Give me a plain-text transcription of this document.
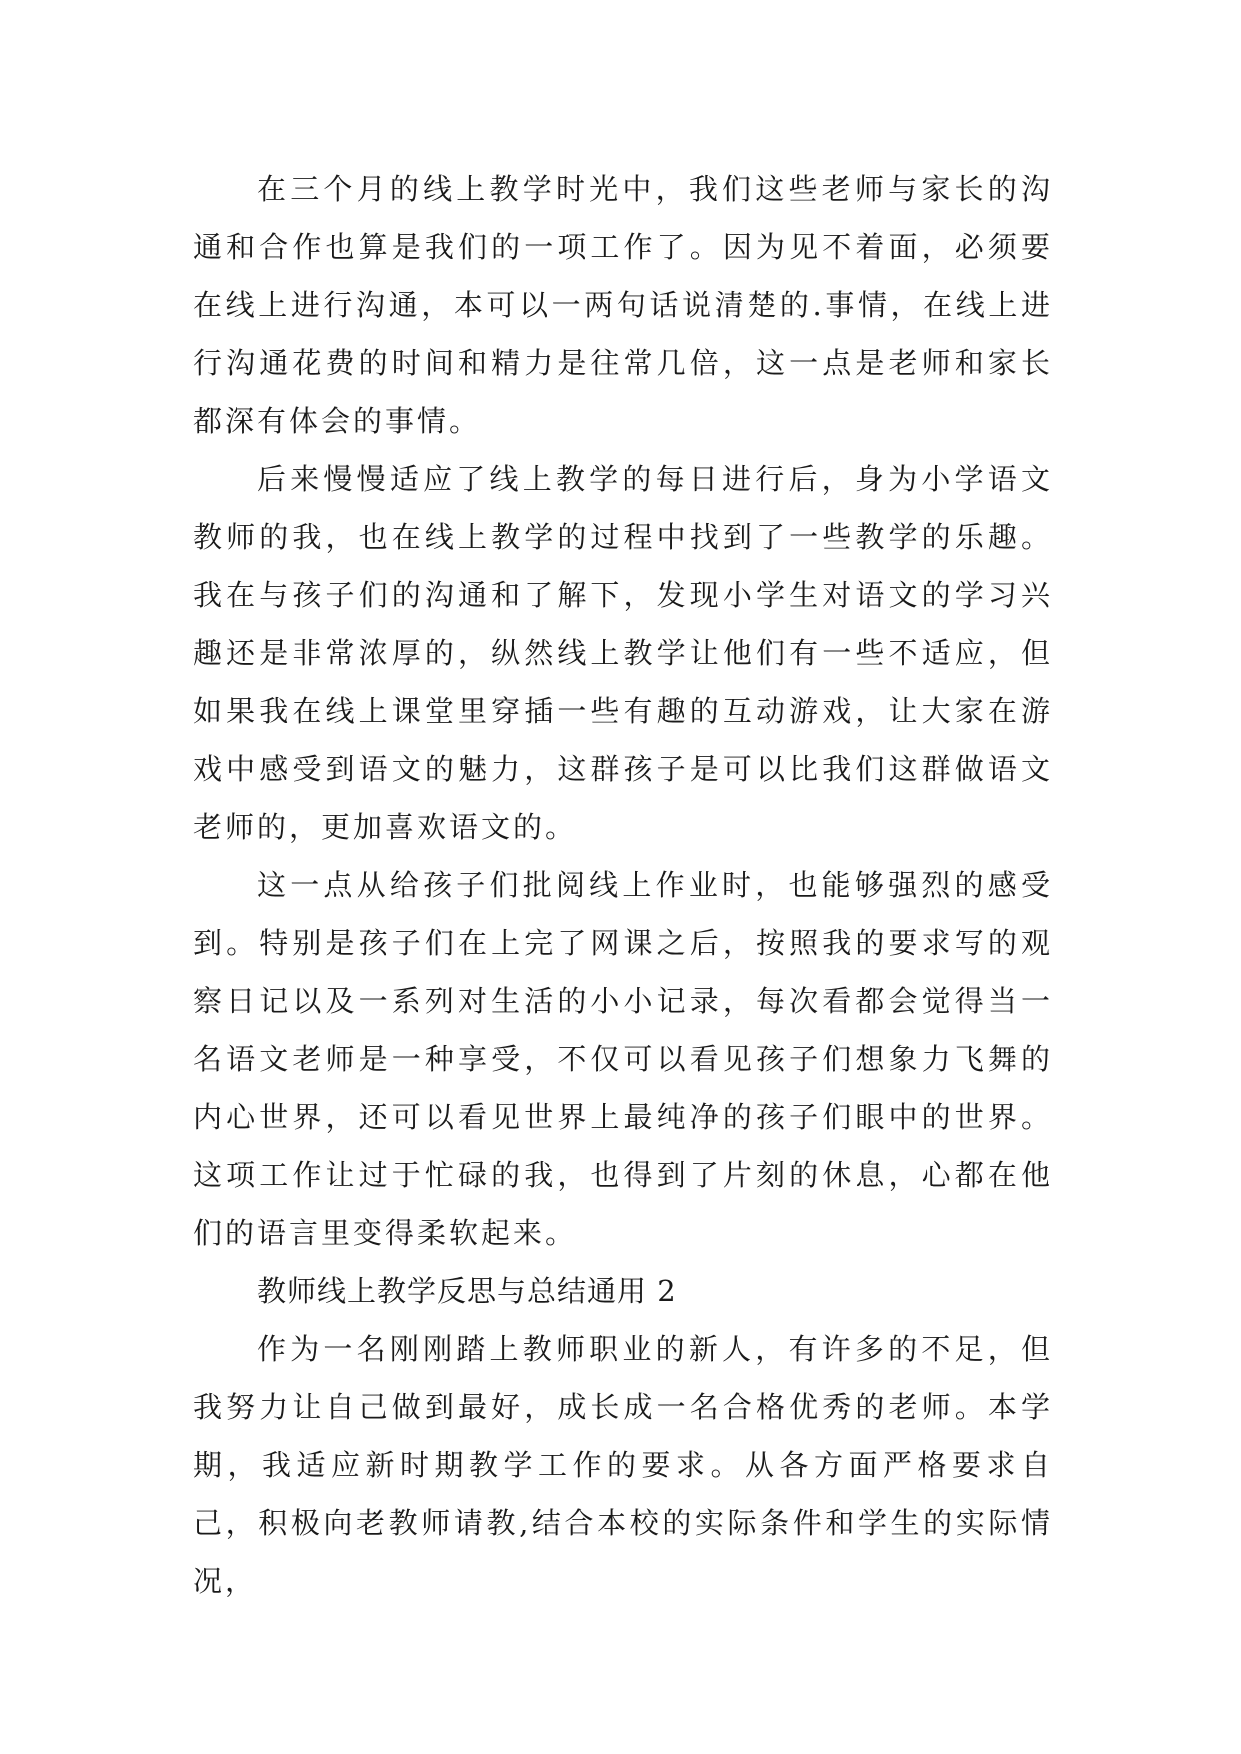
在三个月的线上教学时光中，我们这些老师与家长的沟通和合作也算是我们的一项工作了。因为见不着面，必须要在线上进行沟通，本可以一两句话说清楚的.事情，在线上进行沟通花费的时间和精力是往常几倍，这一点是老师和家长都深有体会的事情。

后来慢慢适应了线上教学的每日进行后，身为小学语文教师的我，也在线上教学的过程中找到了一些教学的乐趣。我在与孩子们的沟通和了解下，发现小学生对语文的学习兴趣还是非常浓厚的，纵然线上教学让他们有一些不适应，但如果我在线上课堂里穿插一些有趣的互动游戏，让大家在游戏中感受到语文的魅力，这群孩子是可以比我们这群做语文老师的，更加喜欢语文的。

这一点从给孩子们批阅线上作业时，也能够强烈的感受到。特别是孩子们在上完了网课之后，按照我的要求写的观察日记以及一系列对生活的小小记录，每次看都会觉得当一名语文老师是一种享受，不仅可以看见孩子们想象力飞舞的内心世界，还可以看见世界上最纯净的孩子们眼中的世界。这项工作让过于忙碌的我，也得到了片刻的休息，心都在他们的语言里变得柔软起来。

教师线上教学反思与总结通用 2

作为一名刚刚踏上教师职业的新人，有许多的不足，但我努力让自己做到最好，成长成一名合格优秀的老师。本学期，我适应新时期教学工作的要求。从各方面严格要求自己，积极向老教师请教,结合本校的实际条件和学生的实际情况，
